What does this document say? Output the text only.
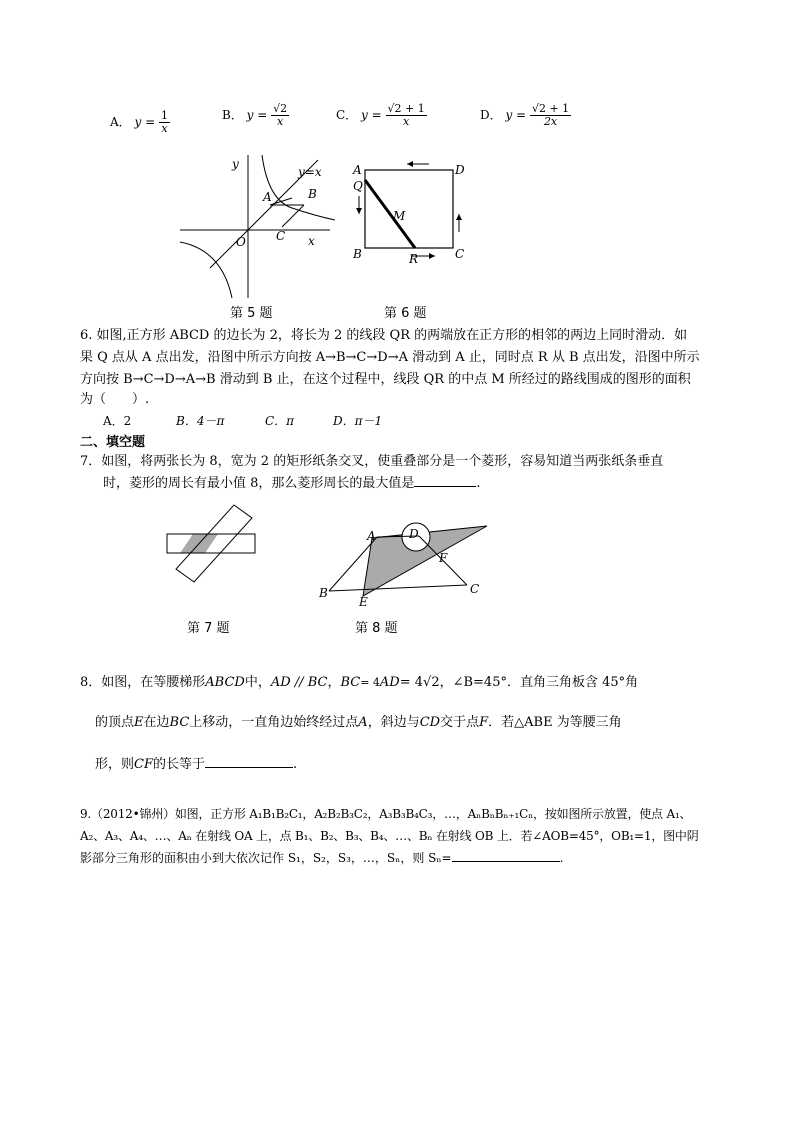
A． $y = \frac{1}{x}$	B． $y = \frac{√2}{x}$	C． $y = \frac{√2 + 1}{x}$	D． $y = \frac{√2 + 1}{2x}$
y
y=x
A	B
C
O	x
第 5 题
A	D
Q
M
B	R	C
第 6 题
6. 如图,正方形 ABCD 的边长为 2，将长为 2 的线段 QR 的两端放在正方形的相邻的两边上同时滑动．如
果 Q 点从 A 点出发，沿图中所示方向按 A→B→C→D→A 滑动到 A 止，同时点 R 从 B 点出发，沿图中所示
方向按 B→C→D→A→B 滑动到 B 止，在这个过程中，线段 QR 的中点 M 所经过的路线围成的图形的面积
为（　　）.
A．2	B．4－π	C．π	D．π－1
二、填空题
7．如图，将两张长为 8，宽为 2 的矩形纸条交叉，使重叠部分是一个菱形，容易知道当两张纸条垂直
时，菱形的周长有最小值 8，那么菱形周长的最大值是	.
第 7 题
A	D
F
B
E
C
第 8 题
8．如图，在等腰梯形ABCD中，AD // BC，BC= 4AD= 4√2，∠B=45°．直角三角板含 45°角
的顶点E在边BC上移动，一直角边始终经过点A，斜边与CD交于点F．若△ABE 为等腰三角
形，则CF的长等于	.
9.（2012•锦州）如图，正方形 A₁B₁B₂C₁，A₂B₂B₃C₂，A₃B₃B₄C₃，…，AₙBₙBₙ₊₁Cₙ，按如图所示放置，使点 A₁、
A₂、A₃、A₄、…、Aₙ 在射线 OA 上，点 B₁、B₂、B₃、B₄、…、Bₙ 在射线 OB 上．若∠AOB=45°，OB₁=1，图中阴
影部分三角形的面积由小到大依次记作 S₁，S₂，S₃，…，Sₙ，则 Sₙ=	.
